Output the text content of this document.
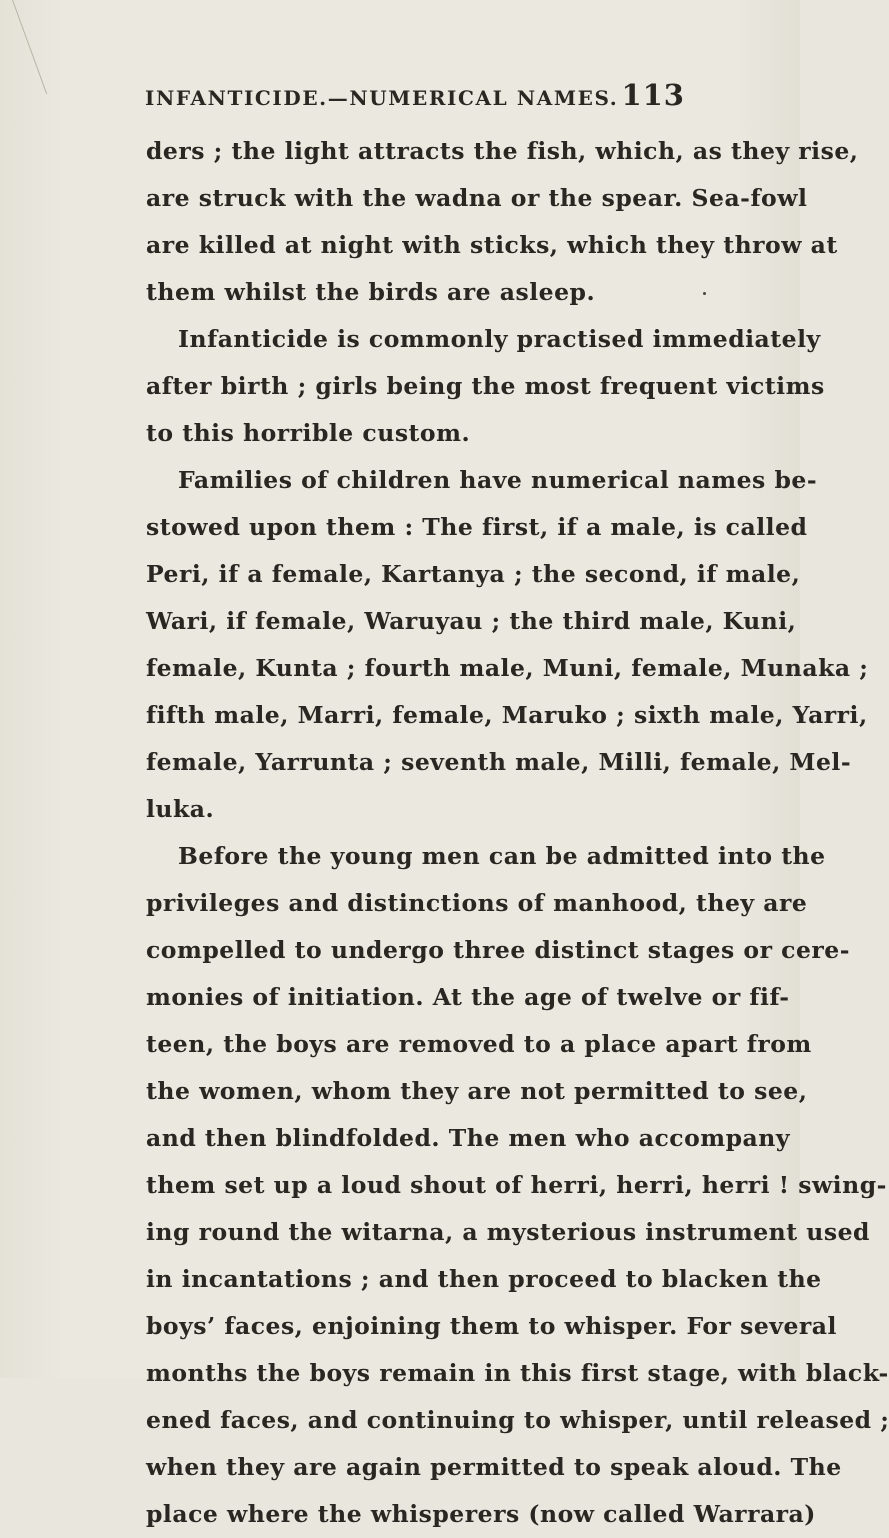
INFANTICIDE.—NUMERICAL NAMES. 113
ders ; the light attracts the fish, which, as they rise,
are struck with the wadna or the spear. Sea-fowl
are killed at night with sticks, which they throw at
them whilst the birds are asleep.
Infanticide is commonly practised immediately
after birth ; girls being the most frequent victims
to this horrible custom.
Families of children have numerical names be-
stowed upon them : The first, if a male, is called
Peri, if a female, Kartanya ; the second, if male,
Wari, if female, Waruyau ; the third male, Kuni,
female, Kunta ; fourth male, Muni, female, Munaka ;
fifth male, Marri, female, Maruko ; sixth male, Yarri,
female, Yarrunta ; seventh male, Milli, female, Mel-
luka.
Before the young men can be admitted into the
privileges and distinctions of manhood, they are
compelled to undergo three distinct stages or cere-
monies of initiation. At the age of twelve or fif-
teen, the boys are removed to a place apart from
the women, whom they are not permitted to see,
and then blindfolded. The men who accompany
them set up a loud shout of herri, herri, herri ! swing-
ing round the witarna, a mysterious instrument used
in incantations ; and then proceed to blacken the
boys’ faces, enjoining them to whisper. For several
months the boys remain in this first stage, with black-
ened faces, and continuing to whisper, until released ;
when they are again permitted to speak aloud. The
place where the whisperers (now called Warrara)
